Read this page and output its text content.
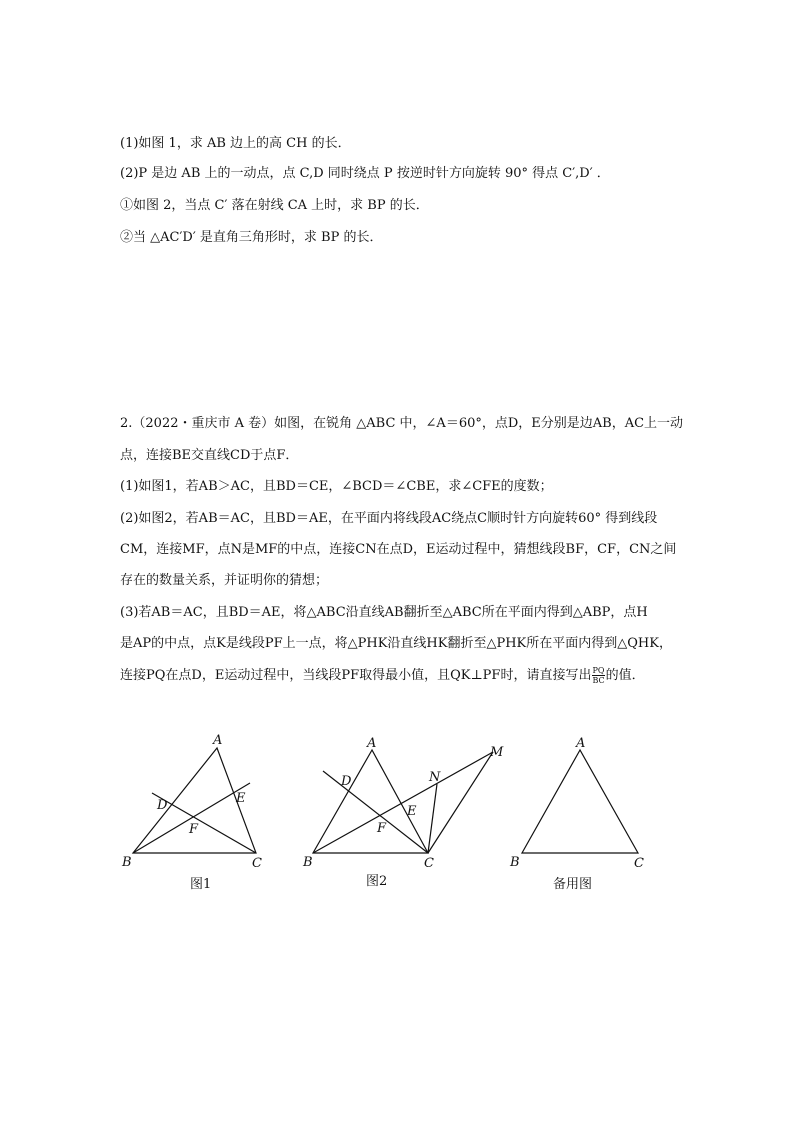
(1)如图 1，求 AB 边上的高 CH 的长．
(2)P 是边 AB 上的一动点，点 C,D 同时绕点 P 按逆时针方向旋转 90° 得点 C′,D′ ．
①如图 2，当点 C′ 落在射线 CA 上时，求 BP 的长．
②当 △AC′D′ 是直角三角形时，求 BP 的长．
2.（2022・重庆市 A 卷）如图，在锐角 △ABC 中，∠A＝60°，点D，E分别是边AB，AC上一动
点，连接BE交直线CD于点F．
(1)如图1，若AB＞AC，且BD＝CE，∠BCD＝∠CBE，求∠CFE的度数；
(2)如图2，若AB＝AC，且BD＝AE，在平面内将线段AC绕点C顺时针方向旋转60° 得到线段
CM，连接MF，点N是MF的中点，连接CN在点D，E运动过程中，猜想线段BF，CF，CN之间
存在的数量关系，并证明你的猜想；
(3)若AB＝AC，且BD＝AE，将△ABC沿直线AB翻折至△ABC所在平面内得到△ABP，点H
是AP的中点，点K是线段PF上一点，将△PHK沿直线HK翻折至△PHK所在平面内得到△QHK，
连接PQ在点D，E运动过程中，当线段PF取得最小值，且QK⊥PF时，请直接写出 $\frac{PQ}{BC}$ 的值．
A
B	C
D	E
F
A
B	C
D
E
F
M
N
A
B	C
图1	图2	备用图
